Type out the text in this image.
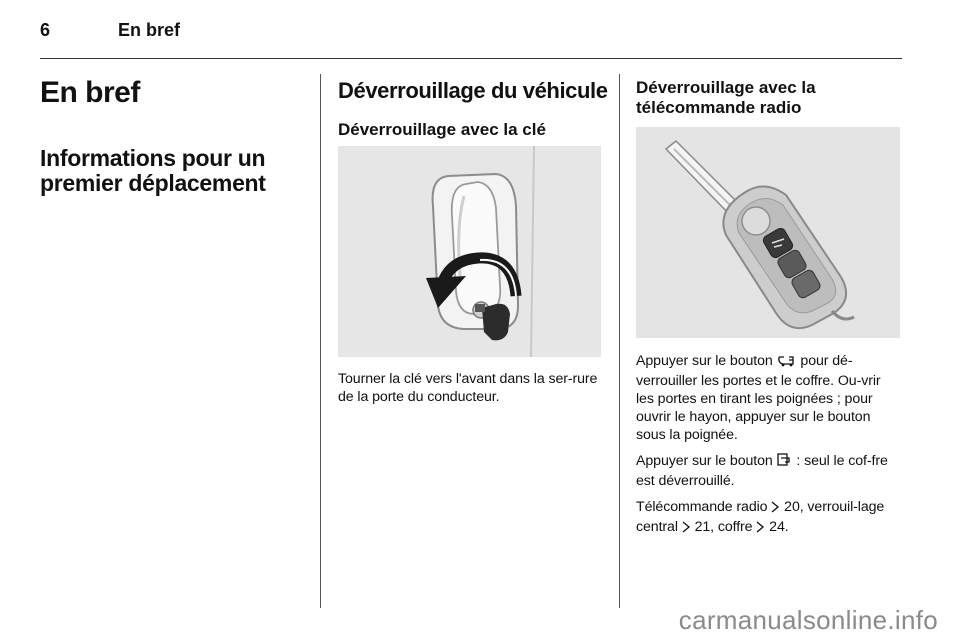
6	En bref
En bref
Informations pour un premier déplacement
Déverrouillage du véhicule
Déverrouillage avec la clé
Tourner la clé vers l'avant dans la ser-rure de la porte du conducteur.
Déverrouillage avec la télécommande radio

Appuyer sur le bouton  pour dé-verrouiller les portes et le coffre. Ou-vrir les portes en tirant les poignées ; pour ouvrir le hayon, appuyer sur le bouton sous la poignée.

Appuyer sur le bouton  : seul le cof-fre est déverrouillé.

Télécommande radio  20, verrouil-lage central  21, coffre  24.

carmanualsonline.info
